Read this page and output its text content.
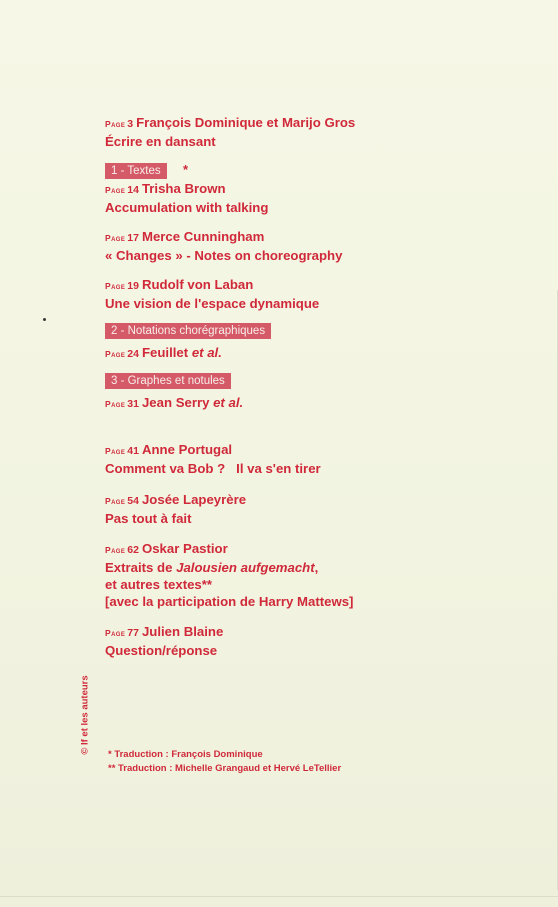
Page 3 François Dominique et Marijo Gros
Écrire en dansant
1 - Textes	*
Page 14 Trisha Brown
Accumulation with talking
Page 17 Merce Cunningham
« Changes » - Notes on choreography
Page 19 Rudolf von Laban
Une vision de l'espace dynamique
2 - Notations chorégraphiques
Page 24 Feuillet et al.
3 - Graphes et notules
Page 31 Jean Serry et al.
Page 41 Anne Portugal
Comment va Bob ?   Il va s'en tirer
Page 54 Josée Lapeyrère
Pas tout à fait
Page 62 Oskar Pastior
Extraits de Jalousien aufgemacht,
et autres textes**
[avec la participation de Harry Mattews]
Page 77 Julien Blaine
Question/réponse
© If et les auteurs * Traduction : François Dominique
** Traduction : Michelle Grangaud et Hervé LeTellier
